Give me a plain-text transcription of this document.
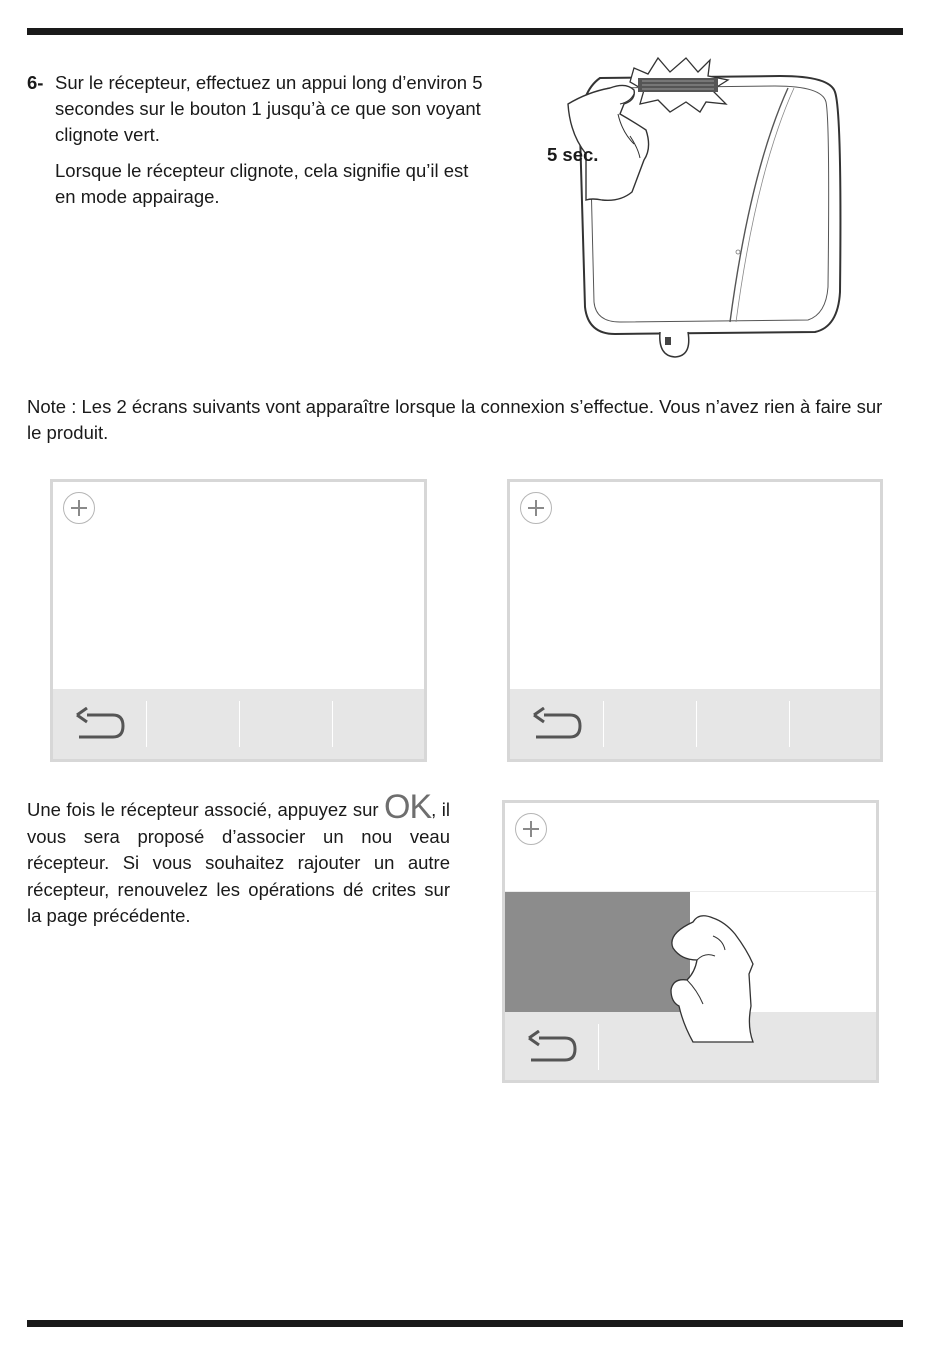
6- Sur le récepteur, effectuez un appui long d’environ 5 secondes sur le bouton 1 jusqu’à ce que son voyant clignote vert.

Lorsque le récepteur clignote, cela signifie qu’il est en mode appairage.

5 sec.
Note : Les 2 écrans suivants vont apparaître lorsque la connexion s’effectue. Vous n’avez rien à faire sur le produit.
Une fois le récepteur associé, appuyez sur OK, il vous sera proposé d’associer un nou veau récepteur. Si vous souhaitez rajouter un autre récepteur, renouvelez les opérations dé crites sur la page précédente.
